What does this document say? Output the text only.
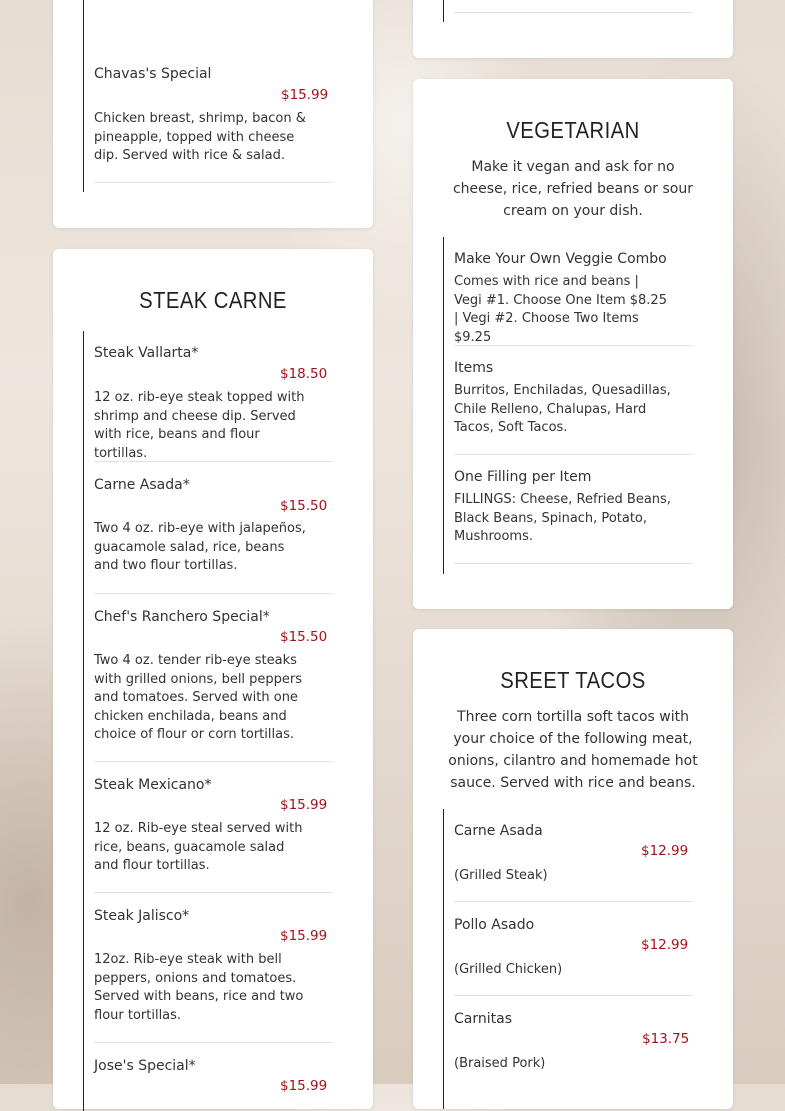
Chavas's Special
$15.99
Chicken breast, shrimp, bacon & pineapple, topped with cheese dip. Served with rice & salad.
STEAK CARNE
Steak Vallarta*
$18.50
12 oz. rib-eye steak topped with shrimp and cheese dip. Served with rice, beans and flour tortillas.
Carne Asada*
$15.50
Two 4 oz. rib-eye with jalapeños, guacamole salad, rice, beans and two flour tortillas.
Chef's Ranchero Special*
$15.50
Two 4 oz. tender rib-eye steaks with grilled onions, bell peppers and tomatoes. Served with one chicken enchilada, beans and choice of flour or corn tortillas.
Steak Mexicano*
$15.99
12 oz. Rib-eye steal served with rice, beans, guacamole salad and flour tortillas.
Steak Jalisco*
$15.99
12oz. Rib-eye steak with bell peppers, onions and tomatoes. Served with beans, rice and two flour tortillas.
Jose's Special*
$15.99
VEGETARIAN
Make it vegan and ask for no cheese, rice, refried beans or sour cream on your dish.
Make Your Own Veggie Combo
Comes with rice and beans | Vegi #1. Choose One Item $8.25 | Vegi #2. Choose Two Items $9.25
Items
Burritos, Enchiladas, Quesadillas, Chile Relleno, Chalupas, Hard Tacos, Soft Tacos.
One Filling per Item
FILLINGS: Cheese, Refried Beans, Black Beans, Spinach, Potato, Mushrooms.
SREET TACOS
Three corn tortilla soft tacos with your choice of the following meat, onions, cilantro and homemade hot sauce. Served with rice and beans.
Carne Asada
$12.99
(Grilled Steak)
Pollo Asado
$12.99
(Grilled Chicken)
Carnitas
$13.75
(Braised Pork)
